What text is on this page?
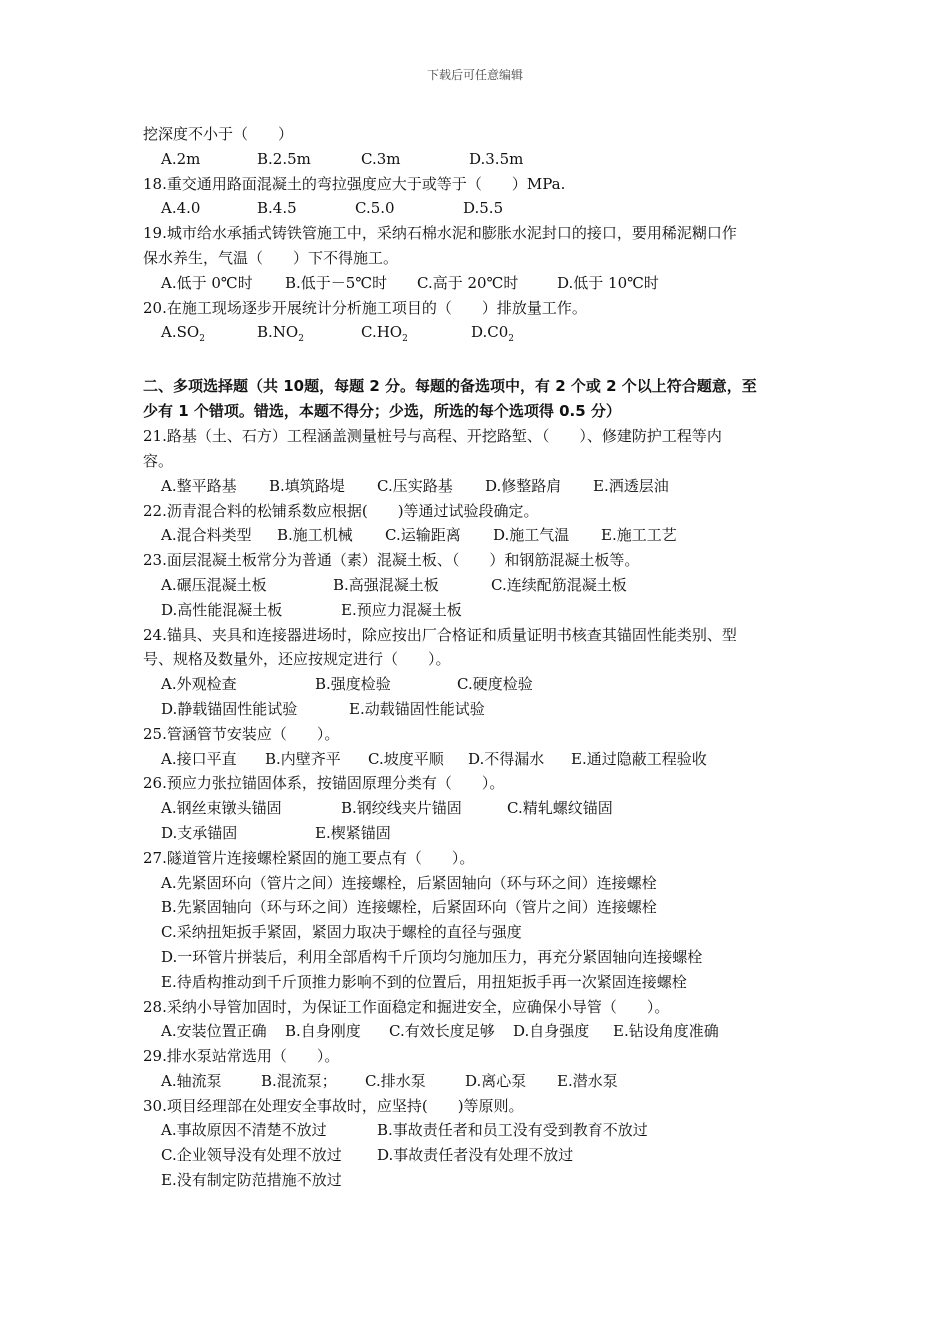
下载后可任意编辑
挖深度不小于（　　）
A.2m	B.2.5m	C.3m	D.3.5m
18.重交通用路面混凝土的弯拉强度应大于或等于（　　）MPa.
A.4.0	B.4.5	C.5.0	D.5.5
19.城市给水承插式铸铁管施工中，采纳石棉水泥和膨胀水泥封口的接口，要用稀泥糊口作
保水养生，气温（　　）下不得施工。
A.低于 0℃时	B.低于－5℃时	C.高于 20℃时	D.低于 10℃时
20.在施工现场逐步开展统计分析施工项目的（　　）排放量工作。
$A.SO_2$	$B.NO_2$	$C.HO_2$	$D.C0_2$
二、多项选择题（共 10题，每题 2 分。每题的备选项中，有 2 个或 2 个以上符合题意，至
少有 1 个错项。错选，本题不得分；少选，所选的每个选项得 0.5 分）
21.路基（土、石方）工程涵盖测量桩号与高程、开挖路堑、（　　）、修建防护工程等内
容。
A.整平路基	B.填筑路堤	C.压实路基	D.修整路肩	E.洒透层油
22.沥青混合料的松铺系数应根据(　　)等通过试验段确定。
A.混合料类型	B.施工机械	C.运输距离	D.施工气温	E.施工工艺
23.面层混凝土板常分为普通（素）混凝土板、（　　）和钢筋混凝土板等。
A.碾压混凝土板	B.高强混凝土板	C.连续配筋混凝土板
D.高性能混凝土板	E.预应力混凝土板
24.锚具、夹具和连接器进场时，除应按出厂合格证和质量证明书核查其锚固性能类别、型
号、规格及数量外，还应按规定进行（　　）。
A.外观检查	B.强度检验	C.硬度检验
D.静载锚固性能试验	E.动载锚固性能试验
25.管涵管节安装应（　　）。
A.接口平直	B.内壁齐平	C.坡度平顺	D.不得漏水	E.通过隐蔽工程验收
26.预应力张拉锚固体系，按锚固原理分类有（　　）。
A.钢丝束镦头锚固	B.钢绞线夹片锚固	C.精轧螺纹锚固
D.支承锚固	E.楔紧锚固
27.隧道管片连接螺栓紧固的施工要点有（　　）。
A.先紧固环向（管片之间）连接螺栓，后紧固轴向（环与环之间）连接螺栓
B.先紧固轴向（环与环之间）连接螺栓，后紧固环向（管片之间）连接螺栓
C.采纳扭矩扳手紧固，紧固力取决于螺栓的直径与强度
D.一环管片拼装后，利用全部盾构千斤顶均匀施加压力，再充分紧固轴向连接螺栓
E.待盾构推动到千斤顶推力影响不到的位置后，用扭矩扳手再一次紧固连接螺栓
28.采纳小导管加固时，为保证工作面稳定和掘进安全，应确保小导管（　　）。
A.安装位置正确	B.自身刚度	C.有效长度足够	D.自身强度	E.钻设角度准确
29.排水泵站常选用（　　）。
A.轴流泵	B.混流泵；	C.排水泵	D.离心泵	E.潜水泵
30.项目经理部在处理安全事故时，应坚持(　　)等原则。
A.事故原因不清楚不放过	B.事故责任者和员工没有受到教育不放过
C.企业领导没有处理不放过	D.事故责任者没有处理不放过
E.没有制定防范措施不放过
